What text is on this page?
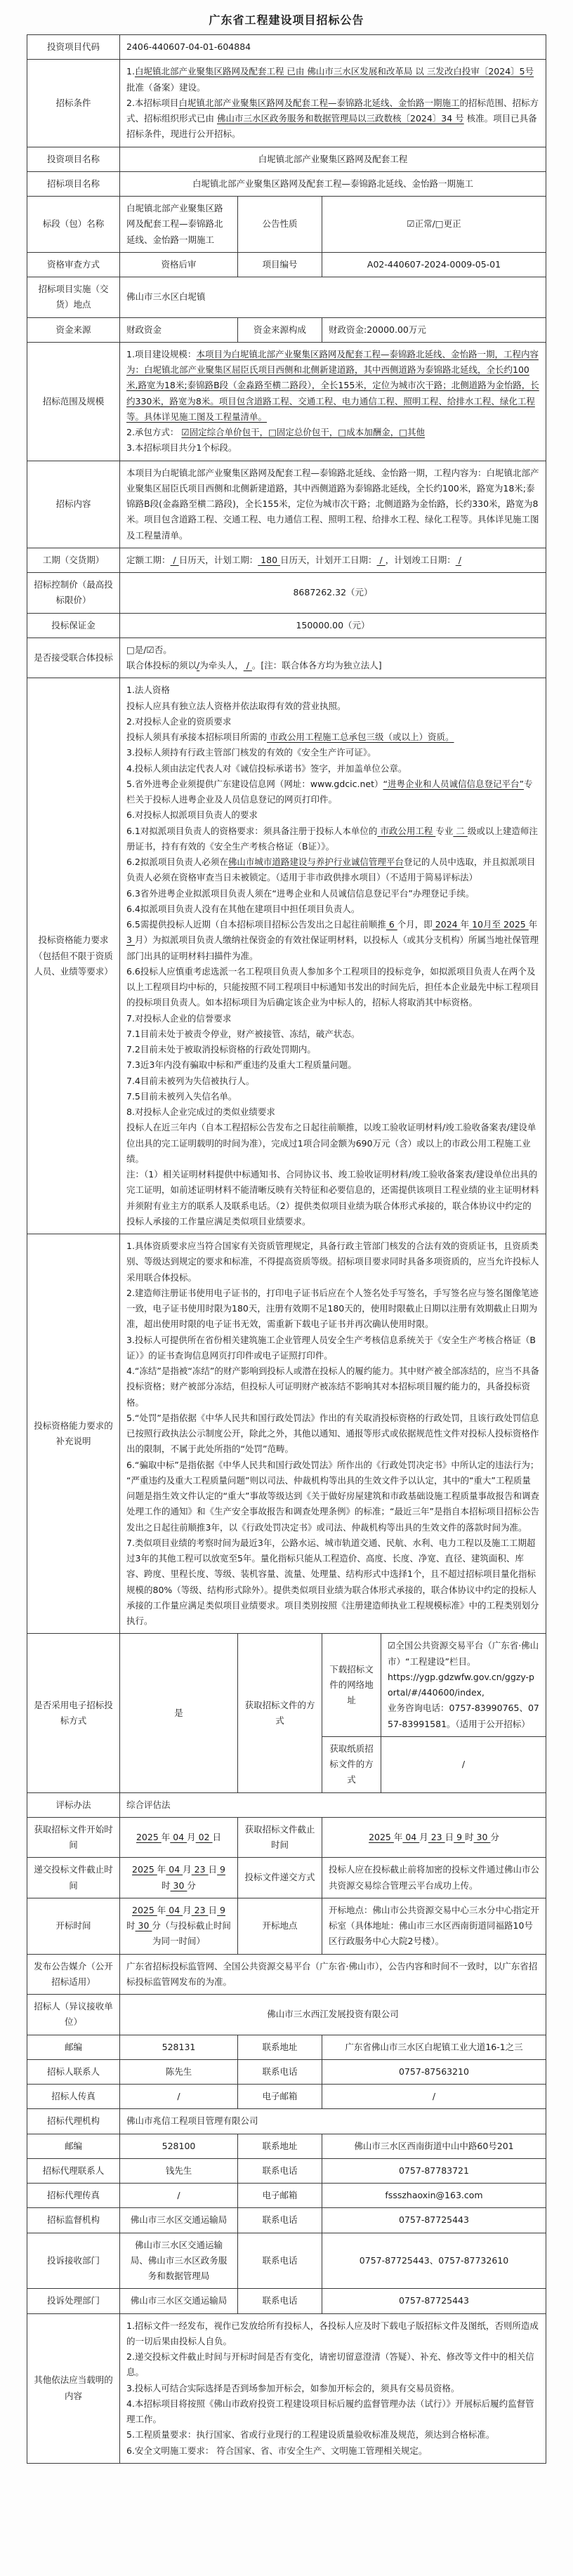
广东省工程建设项目招标公告
投资项目代码	2406-440607-04-01-604884			
招标条件	1.白坭镇北部产业聚集区路网及配套工程 已由 佛山市三水区发展和改革局 以 三发改白投审〔2024〕5号 批准（备案）建设。
2.本招标项目白坭镇北部产业聚集区路网及配套工程—泰锦路北延线、金怡路一期施工的招标范围、招标方式、招标组织形式已由 佛山市三水区政务服务和数据管理局以三政数核〔2024〕34 号 核准。项目已具备招标条件，现进行公开招标。			

投资项目名称	白坭镇北部产业聚集区路网及配套工程			
招标项目名称	白坭镇北部产业聚集区路网及配套工程—泰锦路北延线、金怡路一期施工			
标段（包）名称	白坭镇北部产业聚集区路网及配套工程—泰锦路北延线、金怡路一期施工	公告性质	☑正常/□更正	
资格审查方式	资格后审	项目编号	A02-440607-2024-0009-05-01	
招标项目实施（交货）地点	佛山市三水区白坭镇			
资金来源	财政资金	资金来源构成	财政资金:20000.00万元	
招标范围及规模	1.项目建设规模：本项目为白坭镇北部产业聚集区路网及配套工程—泰锦路北延线、金怡路一期，工程内容为：白坭镇北部产业聚集区屈臣氏项目西侧和北侧新建道路，其中西侧道路为泰锦路北延线，全长约100米,路宽为18米;泰锦路B段（金淼路至横二路段），全长155米，定位为城市次干路；北侧道路为金怡路，长约330米，路宽为8米。项目包含道路工程、交通工程、电力通信工程、照明工程、给排水工程、绿化工程等。具体详见施工图及工程量清单。
2.承包方式： ☑固定综合单价包干，□固定总价包干，□成本加酬金，□其他
3.本招标项目共分1个标段。			

招标内容	本项目为白坭镇北部产业聚集区路网及配套工程—泰锦路北延线、金怡路一期，工程内容为：白坭镇北部产业聚集区屈臣氏项目西侧和北侧新建道路，其中西侧道路为泰锦路北延线，全长约100米，路宽为18米;泰锦路B段(金淼路至横二路段)，全长155米，定位为城市次干路；北侧道路为金怡路，长约330米，路宽为8米。项目包含道路工程、交通工程、电力通信工程、照明工程、给排水工程、绿化工程等。具体详见施工图及工程量清单。			

工期（交货期）	定额工期： / 日历天，计划工期： 180 日历天，计划开工日期： / ，计划竣工日期： /			

招标控制价（最高投标限价）	8687262.32（元）			
投标保证金	150000.00（元）			
是否接受联合体投标	□是/☑否。
联合体投标的须以/为牵头人， / 。[注：联合体各方均为独立法人]			

投标资格能力要求（包括但不限于资质人员、业绩等要求）	
1.法人资格
投标人应具有独立法人资格并依法取得有效的营业执照。
2.对投标人企业的资质要求
投标人须具有承接本招标项目所需的 市政公用工程施工总承包三级（或以上）资质。
3.投标人须持有行政主管部门核发的有效的《安全生产许可证》。
4.投标人须由法定代表人对《诚信投标承诺书》签字，并加盖单位公章。
5.省外进粤企业须提供广东建设信息网（网址：www.gdcic.net）“进粤企业和人员诚信信息登记平台”专栏关于投标人进粤企业及人员信息登记的网页打印件。
6.对投标人拟派项目负责人的要求
6.1对拟派项目负责人的资格要求：须具备注册于投标人本单位的 市政公用工程 专业 二 级或以上建造师注册证书，持有有效的《安全生产考核合格证（B证）》。
6.2拟派项目负责人必须在佛山市城市道路建设与养护行业诚信管理平台登记的人员中选取，并且拟派项目负责人必须在资格审查当日未被锁定。（适用于非市政供排水项目）（不适用于简易评标法）
6.3省外进粤企业拟派项目负责人须在“进粤企业和人员诚信信息登记平台”办理登记手续。
6.4拟派项目负责人没有在其他在建项目中担任项目负责人。
6.5需提供投标人近期（自本招标项目招标公告发出之日起往前顺推 6 个月，即 2024 年 10月至 2025 年 3 月）为拟派项目负责人缴纳社保资金的有效社保证明材料，以投标人（或其分支机构）所属当地社保管理部门出具的证明材料扫描件为准。
6.6投标人应慎重考虑选派一名工程项目负责人参加多个工程项目的投标竞争，如拟派项目负责人在两个及以上工程项目均中标的，只能按照不同工程项目中标通知书发出的时间先后，担任本企业最先中标工程项目的投标项目负责人。如本招标项目为后确定该企业为中标人的，招标人将取消其中标资格。
7.对投标人企业的信誉要求
7.1目前未处于被责令停业，财产被接管、冻结，破产状态。
7.2目前未处于被取消投标资格的行政处罚期内。
7.3近3年内没有骗取中标和严重违约及重大工程质量问题。
7.4目前未被列为失信被执行人。
7.5目前未被列入失信名单。
8.对投标人企业完成过的类似业绩要求
投标人在近三年内（自本工程招标公告发布之日起往前顺推，以竣工验收证明材料/竣工验收备案表/建设单位出具的完工证明载明的时间为准），完成过1项合同金额为690万元（含）或以上的市政公用工程施工业绩。
注：（1）相关证明材料提供中标通知书、合同协议书、竣工验收证明材料/竣工验收备案表/建设单位出具的完工证明，如前述证明材料不能清晰反映有关特征和必要信息的，还需提供该项目工程业绩的业主证明材料并须附有业主方的联系人及联系电话。（2）提供类似项目业绩为联合体形式承接的，联合体协议中约定的投标人承接的工作量应满足类似项目业绩要求。

投标资格能力要求的补充说明	
1.具体资质要求应当符合国家有关资质管理规定，具备行政主管部门核发的合法有效的资质证书，且资质类别、等级达到规定的要求和标准，不得提高资质等级。招标项目要求同时具备多项资质的，应当允许投标人采用联合体投标。
2.建造师注册证书使用电子证书的，打印电子证书后应在个人签名处手写签名，手写签名应与签名图像笔迹一致，电子证书使用时限为180天，注册有效期不足180天的，使用时限截止日期以注册有效期截止日期为准，超出使用时限的电子证书无效，需重新下载电子证书并再次确认使用时限。
3.投标人可提供所在省份相关建筑施工企业管理人员安全生产考核信息系统关于《安全生产考核合格证（B证）》的证书查询信息网页打印件或电子证照打印件。
4.“冻结”是指被“冻结”的财产影响到投标人或潜在投标人的履约能力。其中财产被全部冻结的，应当不具备投标资格；财产被部分冻结，但投标人可证明财产被冻结不影响其对本招标项目履约能力的，具备投标资格。
5.“处罚”是指依据《中华人民共和国行政处罚法》作出的有关取消投标资格的行政处罚，且该行政处罚信息已按照行政执法公示制度公开，除此之外，其他以通知、通报等形式或依据规范性文件对投标人投标资格作出的限制，不属于此处所指的“处罚”范畴。
6.“骗取中标”是指依据《中华人民共和国行政处罚法》所作出的《行政处罚决定书》中所认定的违法行为；“严重违约及重大工程质量问题”则以司法、仲裁机构等出具的生效文件予以认定，其中的“重大”工程质量问题是指生效文件认定的“重大”事故等级达到《关于做好房屋建筑和市政基础设施工程质量事故报告和调查处理工作的通知》和《生产安全事故报告和调查处理条例》的标准；“最近三年”是指自本招标项目招标公告发出之日起往前顺推3年，以《行政处罚决定书》或司法、仲裁机构等出具的生效文件的落款时间为准。
7.类似项目业绩的考察时间为最近3年，公路水运、城市轨道交通、民航、水利、电力工程以及施工工期超过3年的其他工程可以放宽至5年。量化指标只能从工程造价、高度、长度、净宽、直径、建筑面积、库容、跨度、里程长度、等级、装机容量、流量、处理量、结构形式中选择1个，且不超过招标项目量化指标规模的80%（等级、结构形式除外）。提供类似项目业绩为联合体形式承接的，联合体协议中约定的投标人承接的工作量应满足类似项目业绩要求。项目类别按照《注册建造师执业工程规模标准》中的工程类别划分执行。

是否采用电子招标投标方式	是	获取招标文件的方式	下载招标文件的网络地址	☑全国公共资源交易平台（广东省·佛山市）“工程建设”栏目。
https://ygp.gdzwfw.gov.cn/ggzy-portal/#/440600/index,
业务咨询电话：0757-83990765、0757-83991581。（适用于公开招标）

			获取纸质招标文件的方式	/

评标办法	综合评估法			
获取招标文件开始时间	2025 年 04 月 02 日	获取招标文件截止时间	2025 年 04 月 23 日 9 时 30 分	
递交投标文件截止时间	2025 年 04 月 23 日 9 时 30 分	投标文件递交方式	投标人应在投标截止前将加密的投标文件通过佛山市公共资源交易综合管理云平台成功上传。	
开标时间	2025 年 04 月 23 日 9 时 30 分（与投标截止时间为同一时间）	开标地点	开标地点：佛山市公共资源交易中心三水分中心指定开标室（具体地址：佛山市三水区西南街道同福路10号区行政服务中心大院2号楼）。	
发布公告媒介（公开招标适用）	广东省招标投标监管网、全国公共资源交易平台（广东省·佛山市），公告内容和时间不一致时，以广东省招标投标监管网发布的为准。			
招标人（异议接收单位）	佛山市三水西江发展投资有限公司			
邮编	528131	联系地址	广东省佛山市三水区白坭镇工业大道16-1之三	
招标人联系人	陈先生	联系电话	0757-87563210	
招标人传真	/	电子邮箱	/	
招标代理机构	佛山市兆信工程项目管理有限公司			
邮编	528100	联系地址	佛山市三水区西南街道中山中路60号201	
招标代理联系人	钱先生	联系电话	0757-87783721	
招标代理传真	/	电子邮箱	fssszhaoxin@163.com	
招标监督机构	佛山市三水区交通运输局	联系电话	0757-87725443	
投诉接收部门	佛山市三水区交通运输局、佛山市三水区政务服务和数据管理局	联系电话	0757-87725443、0757-87732610	
投诉处理部门	佛山市三水区交通运输局	联系电话	0757-87725443	
其他依法应当载明的内容	
1.招标文件一经发布，视作已发放给所有投标人，各投标人应及时下载电子版招标文件及图纸，否则所造成的一切后果由投标人自负。
2.递交投标文件截止时间与开标时间是否有变化，请密切留意澄清（答疑）、补充、修改等文件中的相关信息。
3.投标人可结合实际选择是否到场参加开标会，如参加开标会的，须具有交易员资格。
4.本招标项目将按照《佛山市政府投资工程建设项目标后履约监督管理办法（试行）》开展标后履约监督管理工作。
5.工程质量要求：执行国家、省或行业现行的工程建设质量验收标准及规范，须达到合格标准。
6.安全文明施工要求： 符合国家、省、市安全生产、文明施工管理相关规定。
